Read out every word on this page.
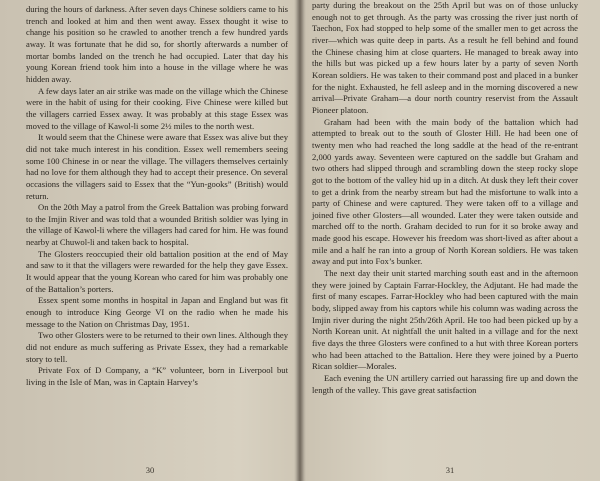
during the hours of darkness. After seven days Chinese soldiers came to his trench and looked at him and then went away. Essex thought it wise to change his position so he crawled to another trench a few hundred yards away. It was fortunate that he did so, for shortly afterwards a number of mortar bombs landed on the trench he had occupied. Later that day his young Korean friend took him into a house in the village where he was hidden away.

A few days later an air strike was made on the village which the Chinese were in the habit of using for their cooking. Five Chinese were killed but the villagers carried Essex away. It was probably at this stage Essex was moved to the village of Kawol-li some 2½ miles to the north west.

It would seem that the Chinese were aware that Essex was alive but they did not take much interest in his condition. Essex well remembers seeing some 100 Chinese in or near the village. The villagers themselves certainly had no love for them although they had to accept their presence. On several occasions the villagers said to Essex that the “Yun-gooks” (British) would return.

On the 20th May a patrol from the Greek Battalion was probing forward to the Imjin River and was told that a wounded British soldier was lying in the village of Kawol-li where the villagers had cared for him. He was found nearby at Chuwol-li and taken back to hospital.

The Glosters reoccupied their old battalion position at the end of May and saw to it that the villagers were rewarded for the help they gave Essex. It would appear that the young Korean who cared for him was probably one of the Battalion’s porters.

Essex spent some months in hospital in Japan and England but was fit enough to introduce King George VI on the radio when he made his message to the Nation on Christmas Day, 1951.

Two other Glosters were to be returned to their own lines. Although they did not endure as much suffering as Private Essex, they had a remarkable story to tell.

Private Fox of D Company, a “K” volunteer, born in Liverpool but living in the Isle of Man, was in Captain Harvey’s

30

party during the breakout on the 25th April but was on of those unlucky enough not to get through. As the party was crossing the river just north of Taechon, Fox had stopped to help some of the smaller men to get across the river—which was quite deep in parts. As a result he fell behind and found the Chinese chasing him at close quarters. He managed to break away into the hills but was picked up a few hours later by a party of seven North Korean soldiers. He was taken to their command post and placed in a bunker for the night. Exhausted, he fell asleep and in the morning discovered a new arrival—Private Graham—a dour north country reservist from the Assault Pioneer platoon.

Graham had been with the main body of the battalion which had attempted to break out to the south of Gloster Hill. He had been one of twenty men who had reached the long saddle at the head of the re-entrant 2,000 yards away. Seventeen were captured on the saddle but Graham and two others had slipped through and scrambling down the steep rocky slope got to the bottom of the valley hid up in a ditch. At dusk they left their cover to get a drink from the nearby stream but had the misfortune to walk into a party of Chinese and were captured. They were taken off to a village and joined five other Glosters—all wounded. Later they were taken outside and marched off to the north. Graham decided to run for it so broke away and made good his escape. However his freedom was short-lived as after about a mile and a half he ran into a group of North Korean soldiers. He was taken away and put into Fox’s bunker.

The next day their unit started marching south east and in the afternoon they were joined by Captain Farrar-Hockley, the Adjutant. He had made the first of many escapes. Farrar-Hockley who had been captured with the main body, slipped away from his captors while his column was wading across the Imjin river during the night 25th/26th April. He too had been picked up by a North Korean unit. At nightfall the unit halted in a village and for the next five days the three Glosters were confined to a hut with three Korean porters who had been attached to the Battalion. Here they were joined by a Puerto Rican soldier—Morales.

Each evening the UN artillery carried out harassing fire up and down the length of the valley. This gave great satisfaction

31
